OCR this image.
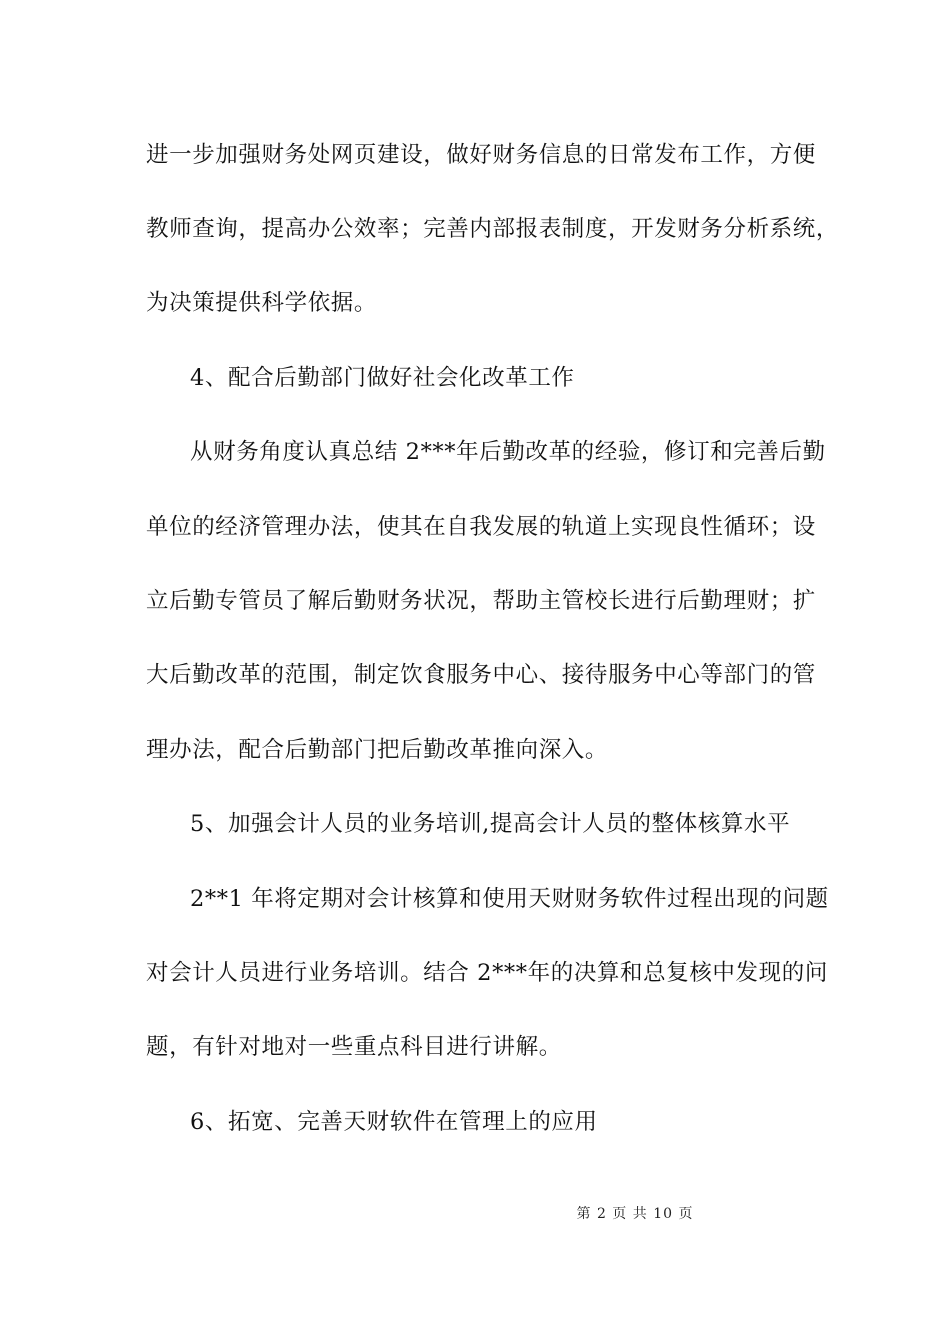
进一步加强财务处网页建设，做好财务信息的日常发布工作，方便
教师查询，提高办公效率；完善内部报表制度，开发财务分析系统，
为决策提供科学依据。
4、配合后勤部门做好社会化改革工作
从财务角度认真总结 2***年后勤改革的经验，修订和完善后勤
单位的经济管理办法，使其在自我发展的轨道上实现良性循环；设
立后勤专管员了解后勤财务状况，帮助主管校长进行后勤理财；扩
大后勤改革的范围，制定饮食服务中心、接待服务中心等部门的管
理办法，配合后勤部门把后勤改革推向深入。
5、加强会计人员的业务培训,提高会计人员的整体核算水平
2**1 年将定期对会计核算和使用天财财务软件过程出现的问题
对会计人员进行业务培训。结合 2***年的决算和总复核中发现的问
题，有针对地对一些重点科目进行讲解。
6、拓宽、完善天财软件在管理上的应用
第 2 页 共 10 页
